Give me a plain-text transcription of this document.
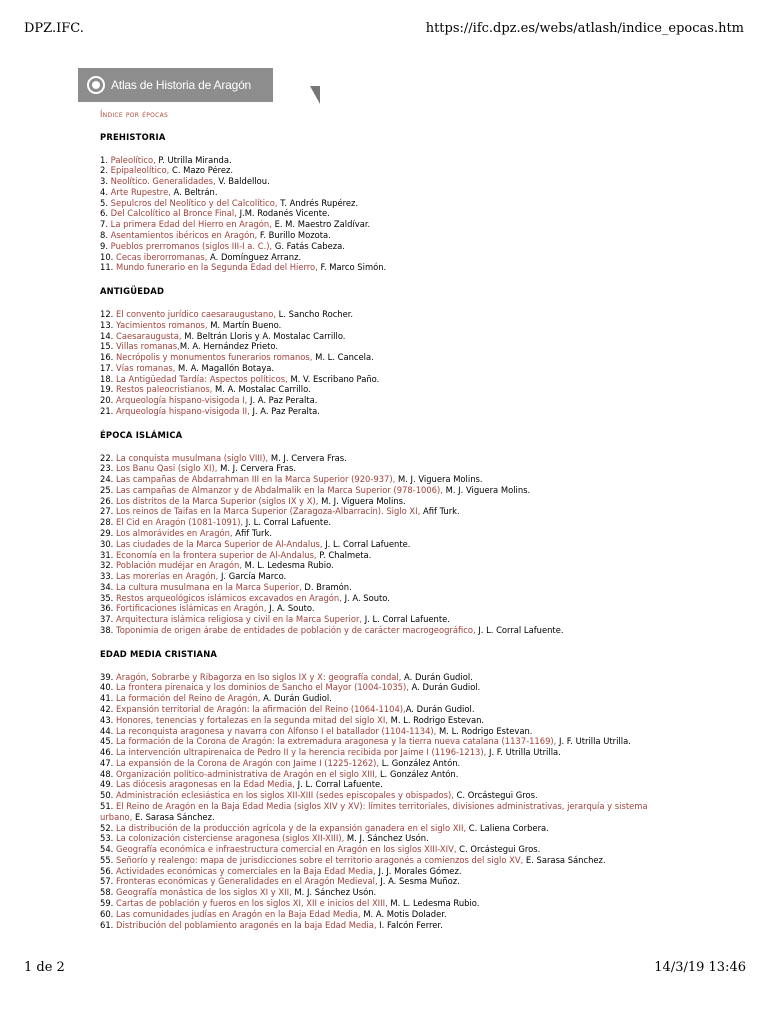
DPZ.IFC.	https://ifc.dpz.es/webs/atlash/indice_epocas.htm
Atlas de Historia de Aragón
Índice por épocas
PREHISTORIA
1. Paleolítico, P. Utrilla Miranda.
2. Epipaleolítico, C. Mazo Pérez.
3. Neolítico. Generalidades, V. Baldellou.
4. Arte Rupestre, A. Beltrán.
5. Sepulcros del Neolítico y del Calcolítico, T. Andrés Rupérez.
6. Del Calcolítico al Bronce Final, J.M. Rodanés Vicente.
7. La primera Edad del Hierro en Aragón, E. M. Maestro Zaldívar.
8. Asentamientos ibéricos en Aragón, F. Burillo Mozota.
9. Pueblos prerromanos (siglos III-I a. C.), G. Fatás Cabeza.
10. Cecas iberorromanas, A. Domínguez Arranz.
11. Mundo funerario en la Segunda Edad del Hierro, F. Marco Simón.
ANTIGÜEDAD
12. El convento jurídico caesaraugustano, L. Sancho Rocher.
13. Yacimientos romanos, M. Martín Bueno.
14. Caesaraugusta, M. Beltrán Lloris y A. Mostalac Carrillo.
15. Villas romanas,M. A. Hernández Prieto.
16. Necrópolis y monumentos funerarios romanos, M. L. Cancela.
17. Vías romanas, M. A. Magallón Botaya.
18. La Antigüedad Tardía: Aspectos políticos, M. V. Escribano Paño.
19. Restos paleocristianos, M. A. Mostalac Carrillo.
20. Arqueología hispano-visigoda I, J. A. Paz Peralta.
21. Arqueología hispano-visigoda II, J. A. Paz Peralta.
ÉPOCA ISLÁMICA
22. La conquista musulmana (siglo VIII), M. J. Cervera Fras.
23. Los Banu Qasi (siglo XI), M. J. Cervera Fras.
24. Las campañas de Abdarrahman III en la Marca Superior (920-937), M. J. Viguera Molins.
25. Las campañas de Almanzor y de Abdalmalik en la Marca Superior (978-1006), M. J. Viguera Molins.
26. Los distritos de la Marca Superior (siglos IX y X), M. J. Viguera Molins.
27. Los reinos de Taifas en la Marca Superior (Zaragoza-Albarracín). Siglo XI, Afif Turk.
28. El Cid en Aragón (1081-1091), J. L. Corral Lafuente.
29. Los almorávides en Aragón, Afif Turk.
30. Las ciudades de la Marca Superior de Al-Andalus, J. L. Corral Lafuente.
31. Economía en la frontera superior de Al-Andalus, P. Chalmeta.
32. Población mudéjar en Aragón, M. L. Ledesma Rubio.
33. Las morerías en Aragón, J. García Marco.
34. La cultura musulmana en la Marca Superior, D. Bramón.
35. Restos arqueológicos islámicos excavados en Aragón, J. A. Souto.
36. Fortificaciones islámicas en Aragón, J. A. Souto.
37. Arquitectura islámica religiosa y civil en la Marca Superior, J. L. Corral Lafuente.
38. Toponimia de origen árabe de entidades de población y de carácter macrogeográfico, J. L. Corral Lafuente.
EDAD MEDIA CRISTIANA
39. Aragón, Sobrarbe y Ribagorza en lso siglos IX y X: geografía condal, A. Durán Gudiol.
40. La frontera pirenaica y los dominios de Sancho el Mayor (1004-1035), A. Durán Gudiol.
41. La formación del Reino de Aragón, A. Durán Gudiol.
42. Expansión territorial de Aragón: la afirmación del Reino (1064-1104),A. Durán Gudiol.
43. Honores, tenencias y fortalezas en la segunda mitad del siglo XI, M. L. Rodrigo Estevan.
44. La reconquista aragonesa y navarra con Alfonso I el batallador (1104-1134), M. L. Rodrigo Estevan.
45. La formación de la Corona de Aragón: la extremadura aragonesa y la tierra nueva catalana (1137-1169), J. F. Utrilla Utrilla.
46. La intervención ultrapirenaica de Pedro II y la herencia recibida por Jaime I (1196-1213), J. F. Utrilla Utrilla.
47. La expansión de la Corona de Aragón con Jaime I (1225-1262), L. González Antón.
48. Organización político-administrativa de Aragón en el siglo XIII, L. González Antón.
49. Las diócesis aragonesas en la Edad Media, J. L. Corral Lafuente.
50. Administración eclesiástica en los siglos XII-XIII (sedes episcopales y obispados), C. Orcástegui Gros.
51. El Reino de Aragón en la Baja Edad Media (siglos XIV y XV): límites territoriales, divisiones administrativas, jerarquía y sistema urbano, E. Sarasa Sánchez.
52. La distribución de la producción agrícola y de la expansión ganadera en el siglo XII, C. Laliena Corbera.
53. La colonización cisterciense aragonesa (siglos XII-XIII), M. J. Sánchez Usón.
54. Geografía económica e infraestructura comercial en Aragón en los siglos XIII-XIV, C. Orcástegui Gros.
55. Señorío y realengo: mapa de jurisdicciones sobre el territorio aragonés a comienzos del siglo XV, E. Sarasa Sánchez.
56. Actividades económicas y comerciales en la Baja Edad Media, J. J. Morales Gómez.
57. Fronteras económicas y Generalidades en el Aragón Medieval, J. A. Sesma Muñoz.
58. Geografía monástica de los siglos XI y XII, M. J. Sánchez Usón.
59. Cartas de población y fueros en los siglos XI, XII e inicios del XIII, M. L. Ledesma Rubio.
60. Las comunidades judías en Aragón en la Baja Edad Media, M. A. Motis Dolader.
61. Distribución del poblamiento aragonés en la baja Edad Media, I. Falcón Ferrer.
1 de 2	14/3/19 13:46
